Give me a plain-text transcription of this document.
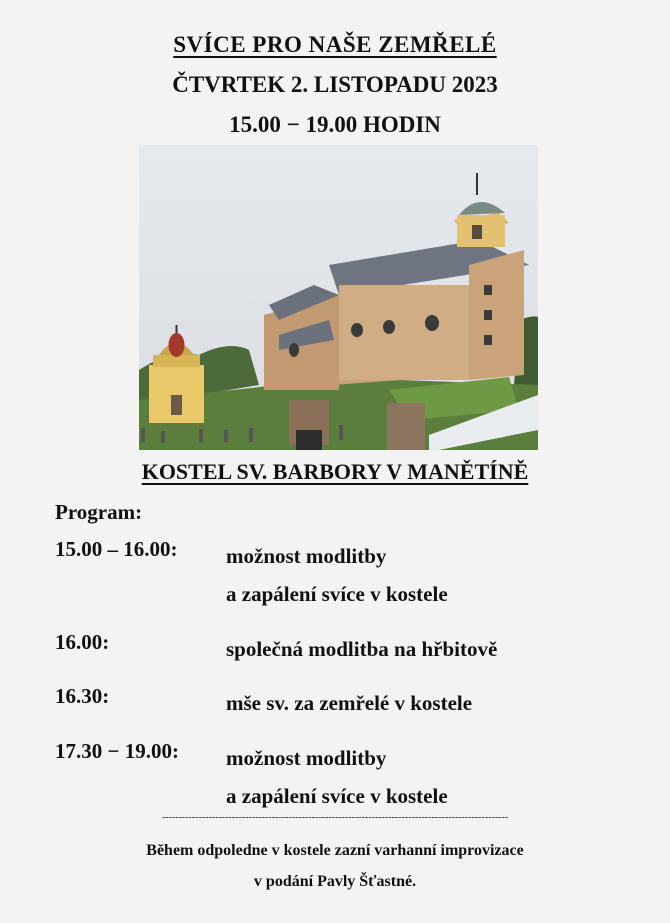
SVÍCE PRO NAŠE ZEMŘELÉ
ČTVRTEK 2. LISTOPADU 2023
15.00 − 19.00 HODIN
KOSTEL SV. BARBORY V MANĚTÍNĚ
Program:
15.00 – 16.00: možnost modlitby
a zapálení svíce v kostele
16.00:	společná modlitba na hřbitově
16.30:	mše sv. za zemřelé v kostele
17.30 − 19.00: možnost modlitby
a zapálení svíce v kostele
--------------------------------------------------------------------------------------------------------
Během odpoledne v kostele zazní varhanní improvizace
v podání Pavly Šťastné.
